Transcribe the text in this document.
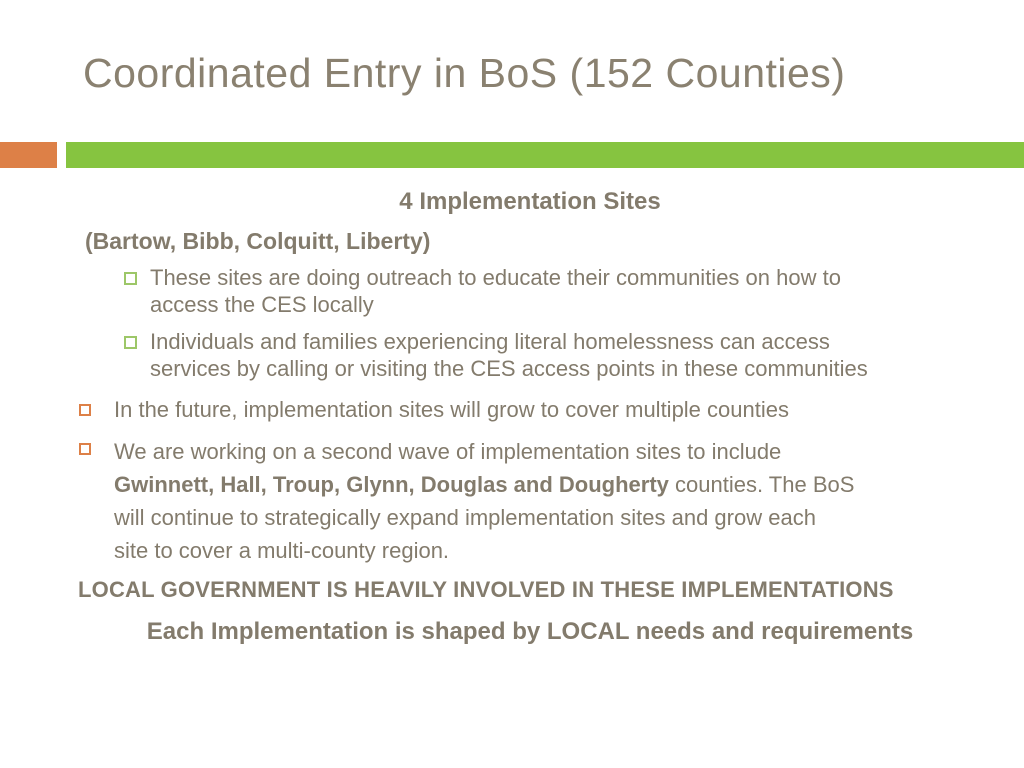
Coordinated Entry in BoS (152 Counties)
4 Implementation Sites
(Bartow, Bibb, Colquitt, Liberty)
These sites are doing outreach to educate their communities on how to
access the CES locally
Individuals and families experiencing literal homelessness can access
services by calling or visiting the CES access points in these communities
In the future, implementation sites will grow to cover multiple counties
We are working on a second wave of implementation sites to include
Gwinnett, Hall, Troup, Glynn, Douglas and Dougherty counties. The BoS
will continue to strategically expand implementation sites and grow each
site to cover a multi-county region.
LOCAL GOVERNMENT IS HEAVILY INVOLVED IN THESE IMPLEMENTATIONS
Each Implementation is shaped by LOCAL needs and requirements
